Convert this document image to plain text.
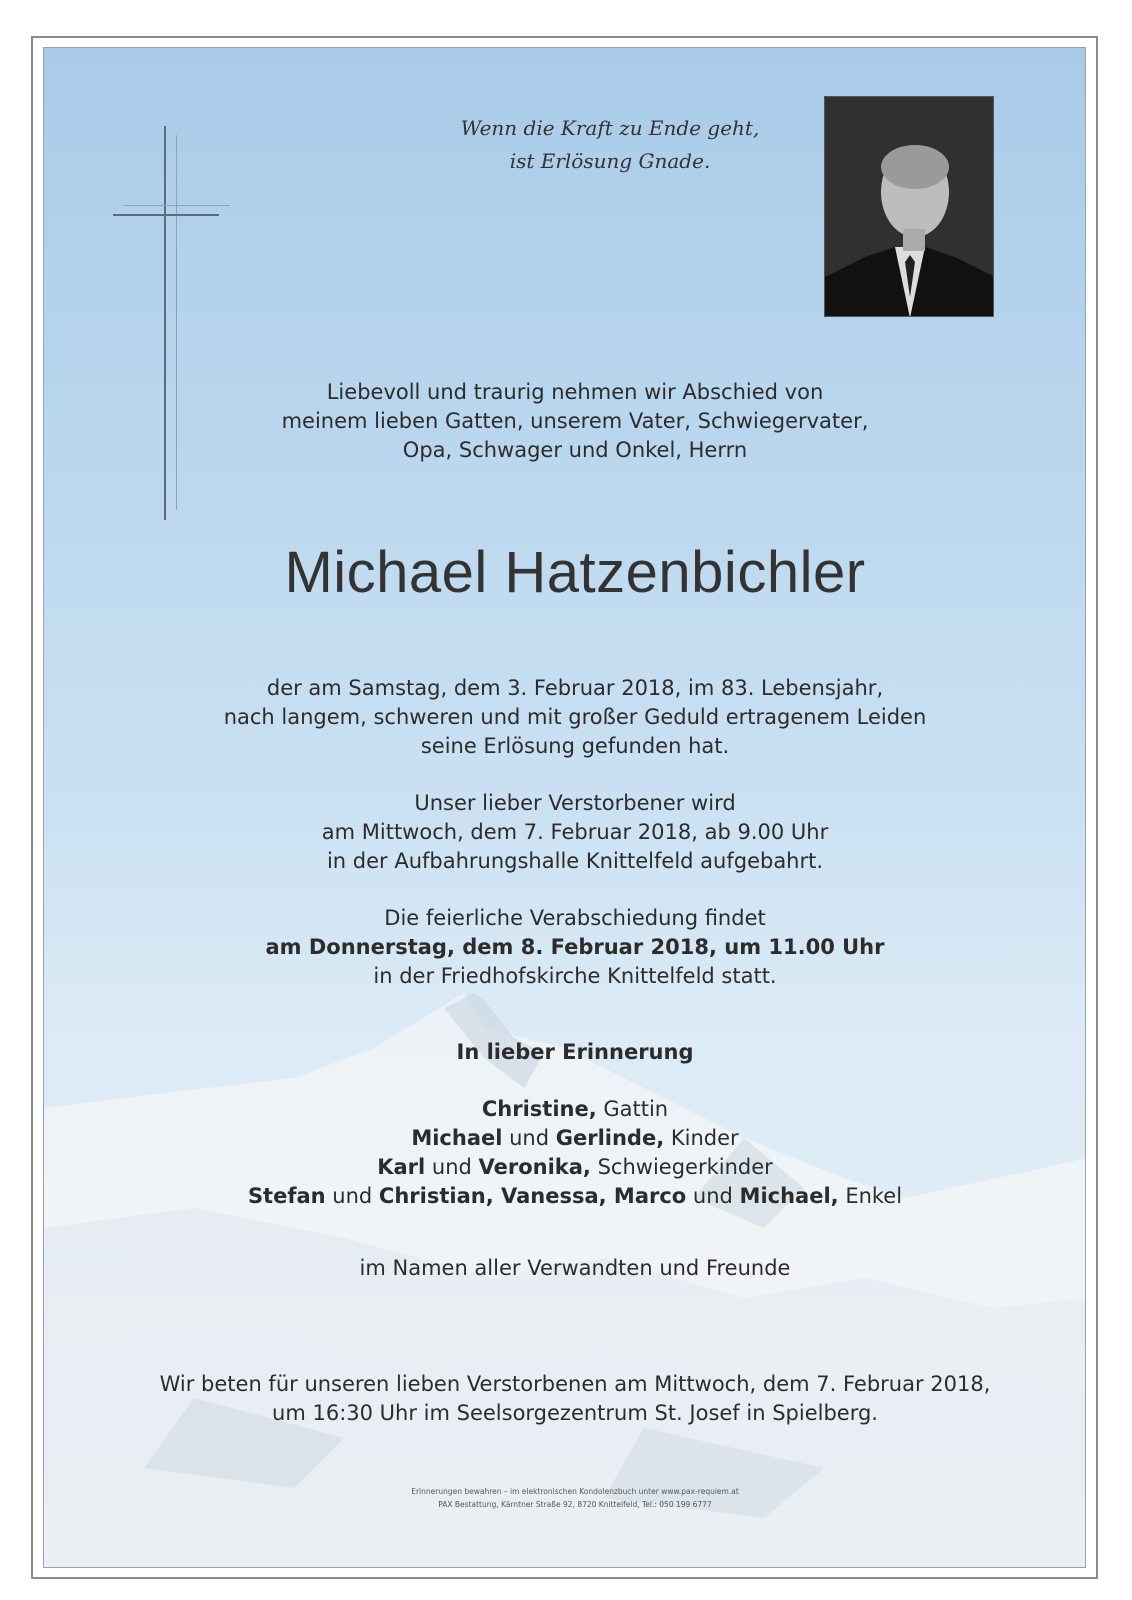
Wenn die Kraft zu Ende geht,
ist Erlösung Gnade.
Liebevoll und traurig nehmen wir Abschied von
meinem lieben Gatten, unserem Vater, Schwiegervater,
Opa, Schwager und Onkel, Herrn
Michael Hatzenbichler
der am Samstag, dem 3. Februar 2018, im 83. Lebensjahr,
nach langem, schweren und mit großer Geduld ertragenem Leiden
seine Erlösung gefunden hat.
Unser lieber Verstorbener wird
am Mittwoch, dem 7. Februar 2018, ab 9.00 Uhr
in der Aufbahrungshalle Knittelfeld aufgebahrt.
Die feierliche Verabschiedung findet
am Donnerstag, dem 8. Februar 2018, um 11.00 Uhr
in der Friedhofskirche Knittelfeld statt.
In lieber Erinnerung
Christine, Gattin
Michael und Gerlinde, Kinder
Karl und Veronika, Schwiegerkinder
Stefan und Christian, Vanessa, Marco und Michael, Enkel
im Namen aller Verwandten und Freunde
Wir beten für unseren lieben Verstorbenen am Mittwoch, dem 7. Februar 2018,
um 16:30 Uhr im Seelsorgezentrum St. Josef in Spielberg.
Erinnerungen bewahren – im elektronischen Kondolenzbuch unter www.pax-requiem.at
PAX Bestattung, Kärntner Straße 92, 8720 Knittelfeld, Tel.: 050 199 6777
